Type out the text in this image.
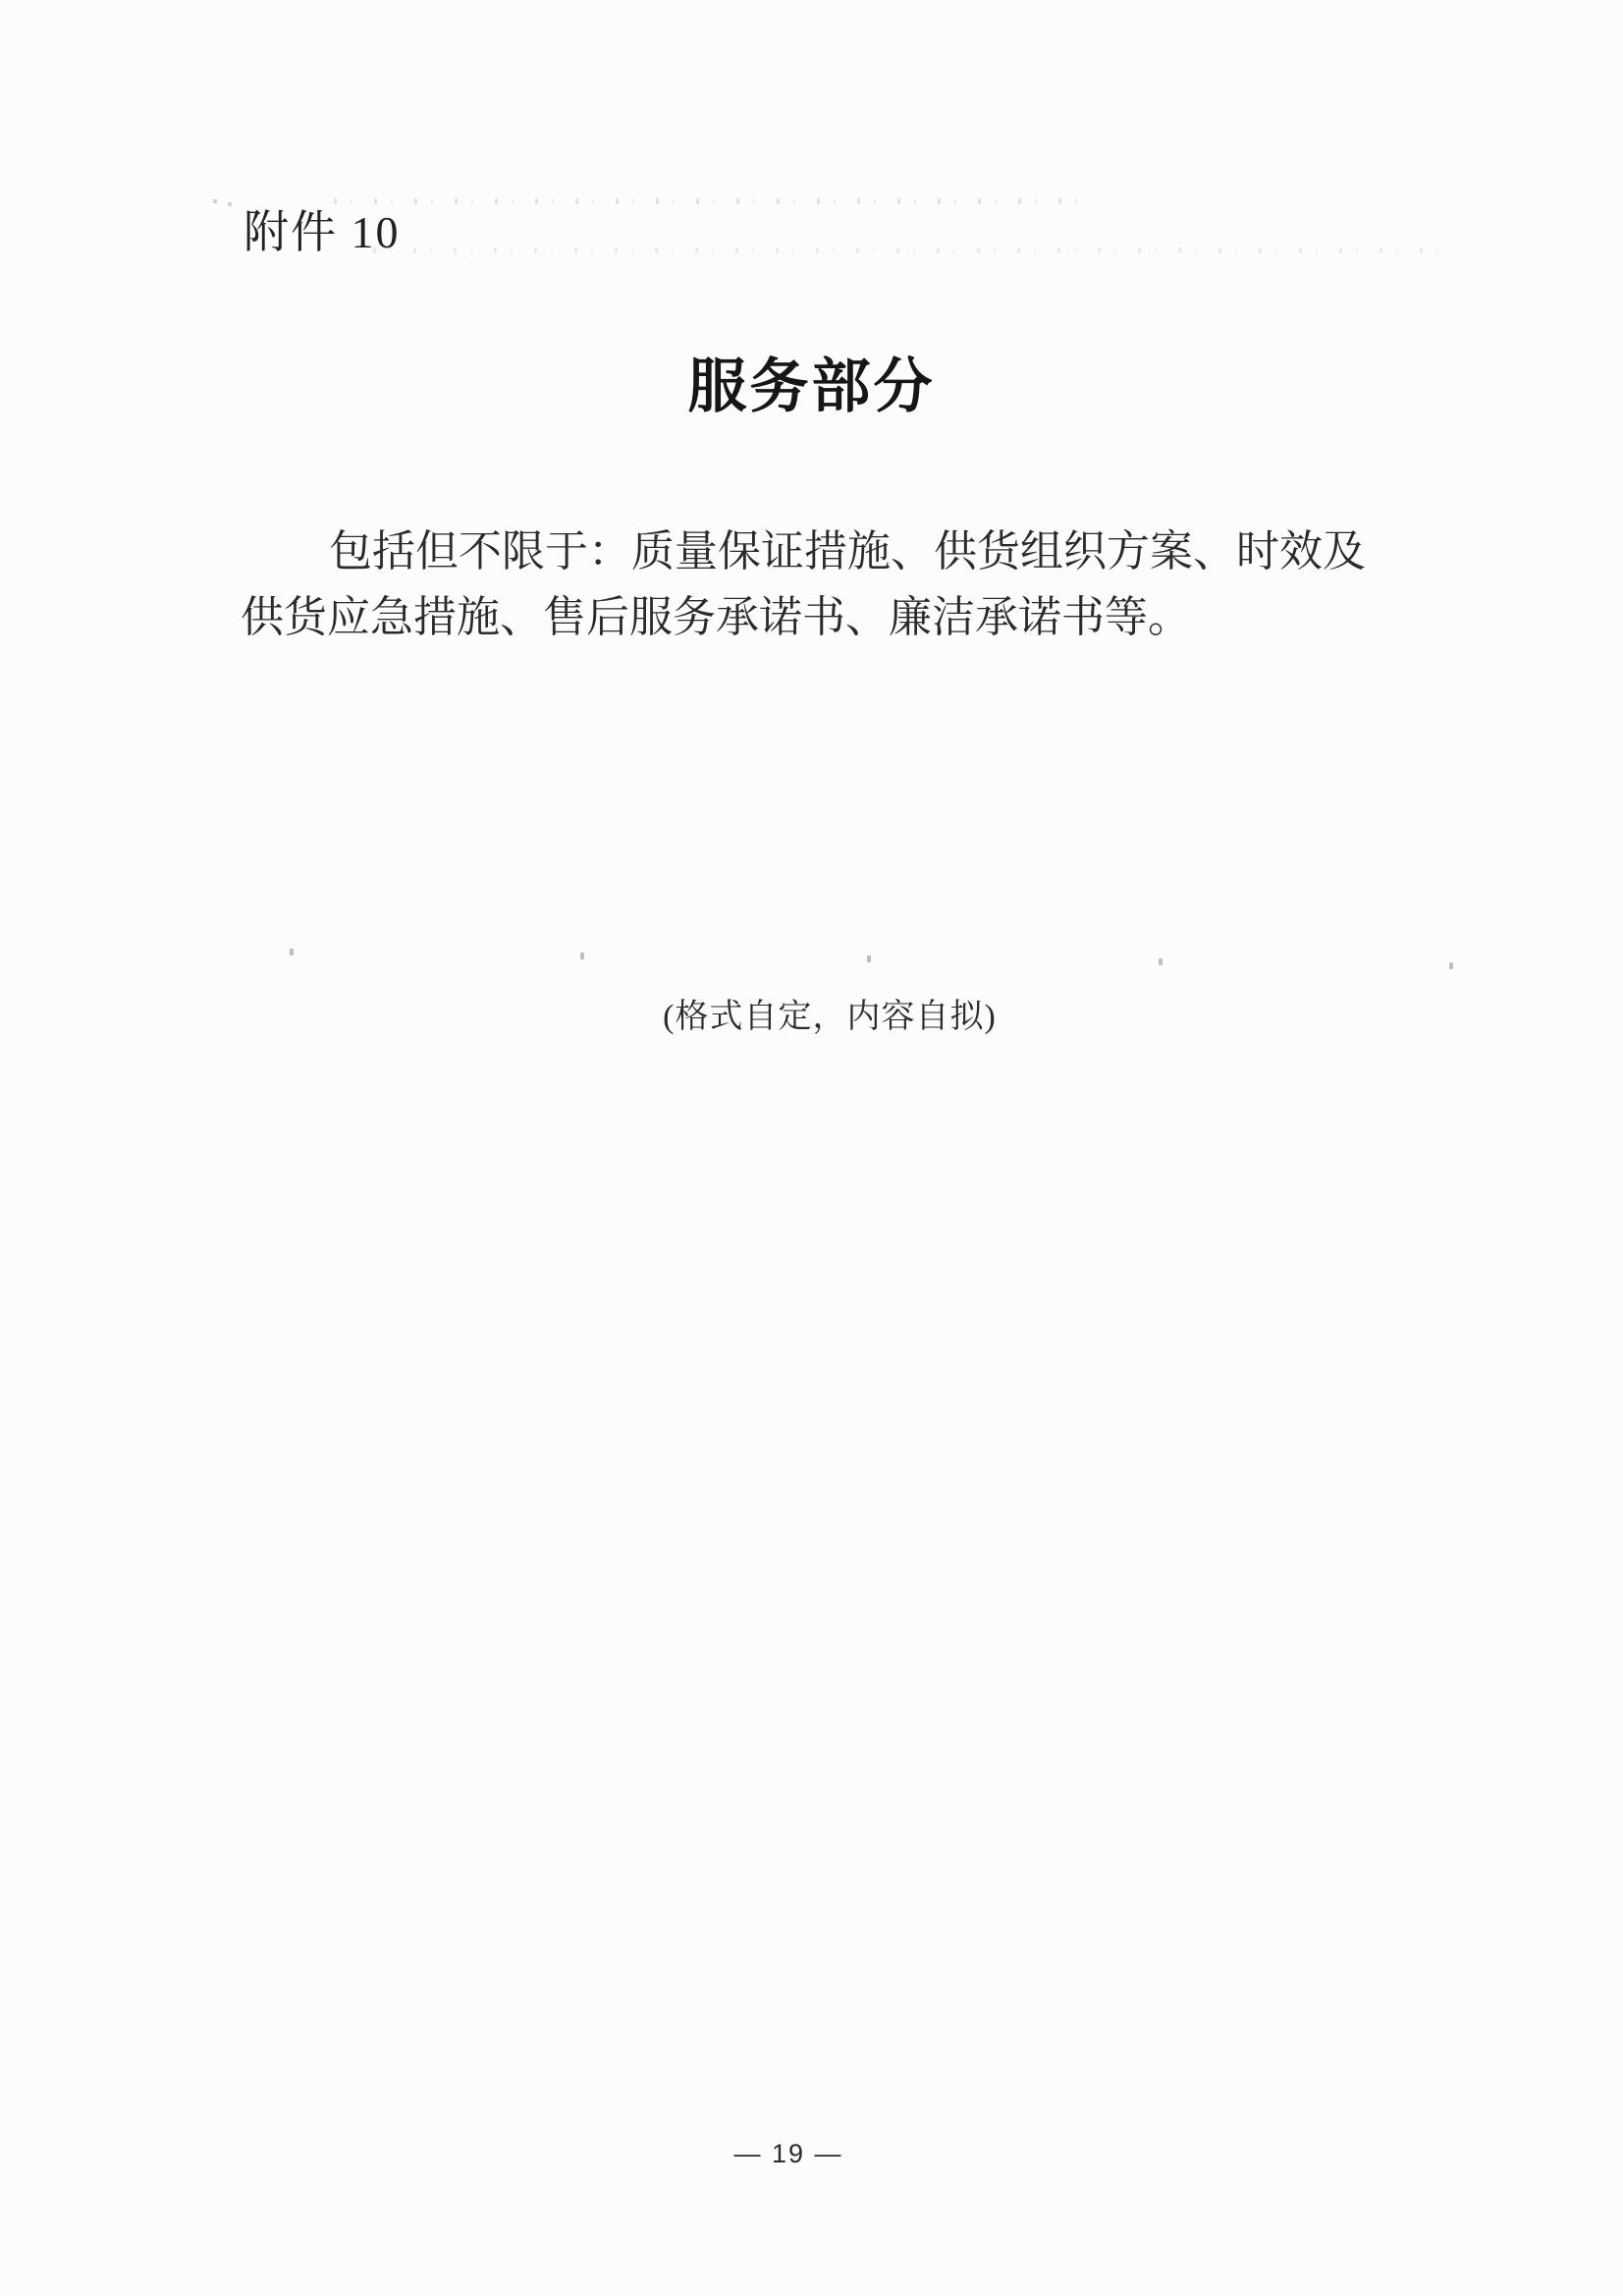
附件 10
服务部分
包括但不限于：质量保证措施、供货组织方案、时效及
供货应急措施、售后服务承诺书、廉洁承诺书等。
(格式自定，内容自拟)
— 19 —
